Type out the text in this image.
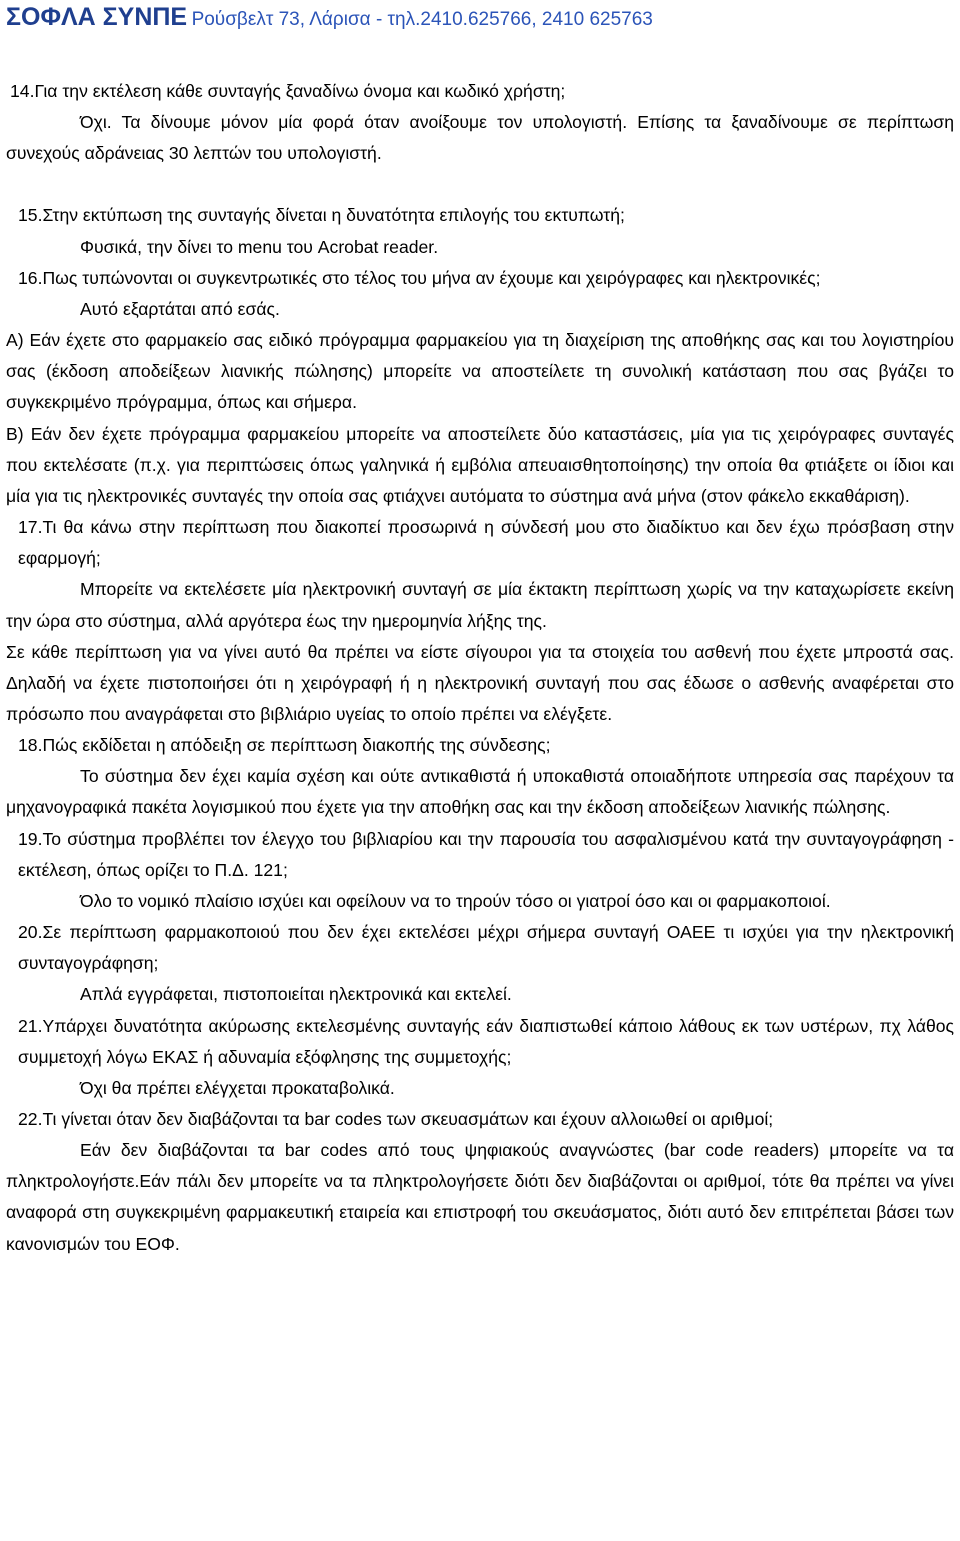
ΣΟΦΛΑ ΣΥΝΠΕ Ρούσβελτ 73, Λάρισα - τηλ.2410.625766, 2410 625763

14.Για την εκτέλεση κάθε συνταγής ξαναδίνω όνομα και κωδικό χρήστη;

Όχι. Τα δίνουμε μόνον μία φορά όταν ανοίξουμε τον υπολογιστή. Επίσης τα ξαναδίνουμε σε περίπτωση συνεχούς αδράνειας 30 λεπτών του υπολογιστή.

15.Στην εκτύπωση της συνταγής δίνεται η δυνατότητα επιλογής του εκτυπωτή;

Φυσικά, την δίνει το menu του Acrobat reader.

16.Πως τυπώνονται οι συγκεντρωτικές στο τέλος του μήνα αν έχουμε και χειρόγραφες και ηλεκτρονικές;

Αυτό εξαρτάται από εσάς.

Α) Εάν έχετε στο φαρμακείο σας ειδικό πρόγραμμα φαρμακείου για τη διαχείριση της αποθήκης σας και του λογιστηρίου σας (έκδοση αποδείξεων λιανικής πώλησης) μπορείτε να αποστείλετε τη συνολική κατάσταση που σας βγάζει το συγκεκριμένο πρόγραμμα, όπως και σήμερα.

Β) Εάν δεν έχετε πρόγραμμα φαρμακείου μπορείτε να αποστείλετε δύο καταστάσεις, μία για τις χειρόγραφες συνταγές που εκτελέσατε (π.χ. για περιπτώσεις όπως γαληνικά ή εμβόλια απευαισθητοποίησης) την οποία θα φτιάξετε οι ίδιοι και μία για τις ηλεκτρονικές συνταγές την οποία σας φτιάχνει αυτόματα το σύστημα ανά μήνα (στον φάκελο εκκαθάριση).

17.Τι θα κάνω στην περίπτωση που διακοπεί προσωρινά η σύνδεσή μου στο διαδίκτυο και δεν έχω πρόσβαση στην εφαρμογή;

Μπορείτε να εκτελέσετε μία ηλεκτρονική συνταγή σε μία έκτακτη περίπτωση χωρίς να την καταχωρίσετε εκείνη την ώρα στο σύστημα, αλλά αργότερα έως την ημερομηνία λήξης της.

Σε κάθε περίπτωση για να γίνει αυτό θα πρέπει να είστε σίγουροι για τα στοιχεία του ασθενή που έχετε μπροστά σας. Δηλαδή να έχετε πιστοποιήσει ότι η χειρόγραφή ή η ηλεκτρονική συνταγή που σας έδωσε ο ασθενής αναφέρεται στο πρόσωπο που αναγράφεται στο βιβλιάριο υγείας το οποίο πρέπει να ελέγξετε.

18.Πώς εκδίδεται η απόδειξη σε περίπτωση διακοπής της σύνδεσης;

Το σύστημα δεν έχει καμία σχέση και ούτε αντικαθιστά ή υποκαθιστά οποιαδήποτε υπηρεσία σας παρέχουν τα μηχανογραφικά πακέτα λογισμικού που έχετε για την αποθήκη σας και την έκδοση αποδείξεων λιανικής πώλησης.

19.Το σύστημα προβλέπει τον έλεγχο του βιβλιαρίου και την παρουσία του ασφαλισμένου κατά την συνταγογράφηση - εκτέλεση, όπως ορίζει το Π.Δ. 121;

Όλο το νομικό πλαίσιο ισχύει και οφείλουν να το τηρούν τόσο οι γιατροί όσο και οι φαρμακοποιοί.

20.Σε περίπτωση φαρμακοποιού που δεν έχει εκτελέσει μέχρι σήμερα συνταγή ΟΑΕΕ τι ισχύει για την ηλεκτρονική συνταγογράφηση;

Απλά εγγράφεται, πιστοποιείται ηλεκτρονικά και εκτελεί.

21.Υπάρχει δυνατότητα ακύρωσης εκτελεσμένης συνταγής εάν διαπιστωθεί κάποιο λάθους εκ των υστέρων, πχ λάθος συμμετοχή λόγω ΕΚΑΣ ή αδυναμία εξόφλησης της συμμετοχής;

Όχι θα πρέπει ελέγχεται προκαταβολικά.

22.Τι γίνεται όταν δεν διαβάζονται τα bar codes των σκευασμάτων και έχουν αλλοιωθεί οι αριθμοί;

Εάν δεν διαβάζονται τα bar codes από τους ψηφιακούς αναγνώστες (bar code readers) μπορείτε να τα πληκτρολογήστε.Εάν πάλι δεν μπορείτε να τα πληκτρολογήσετε διότι δεν διαβάζονται οι αριθμοί, τότε θα πρέπει να γίνει αναφορά στη συγκεκριμένη φαρμακευτική εταιρεία και επιστροφή του σκευάσματος, διότι αυτό δεν επιτρέπεται βάσει των κανονισμών του ΕΟΦ.
